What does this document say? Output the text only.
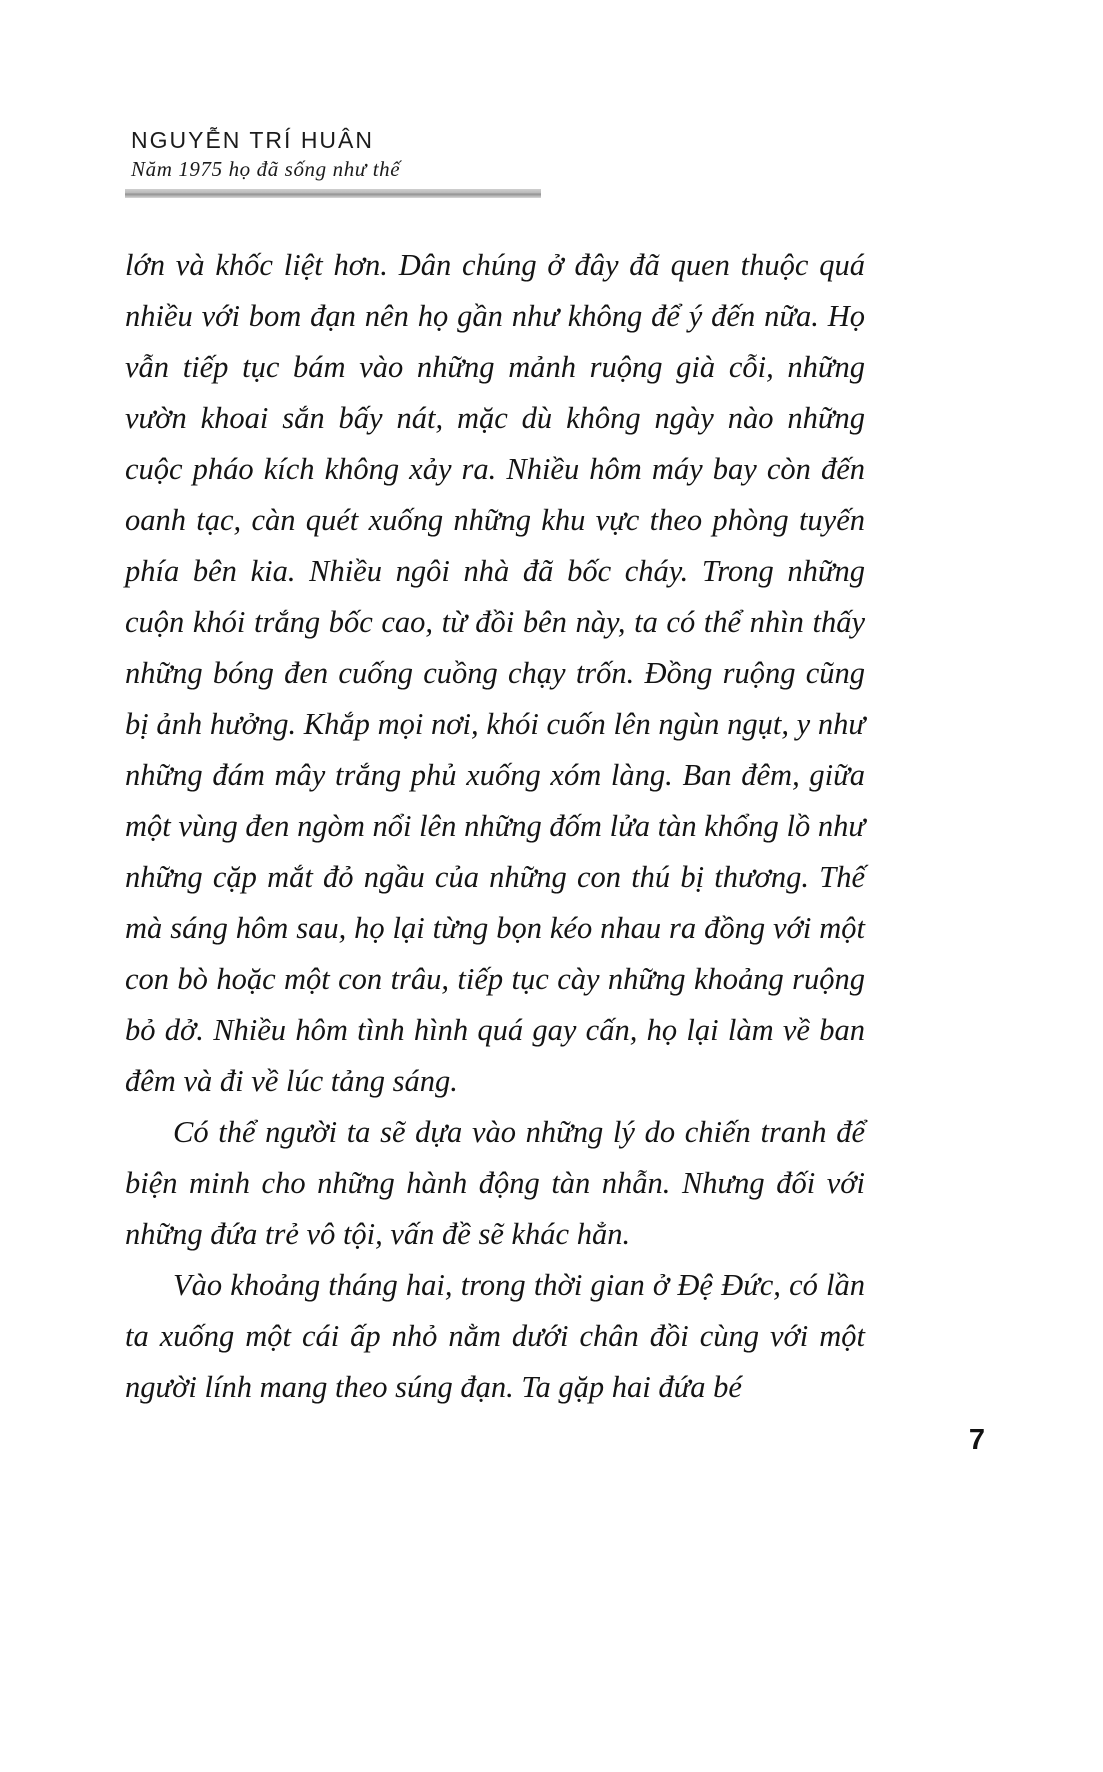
NGUYỄN TRÍ HUÂN
Năm 1975 họ đã sống như thế

lớn và khốc liệt hơn. Dân chúng ở đây đã quen thuộc quá nhiều với bom đạn nên họ gần như không để ý đến nữa. Họ vẫn tiếp tục bám vào những mảnh ruộng già cỗi, những vườn khoai sắn bấy nát, mặc dù không ngày nào những cuộc pháo kích không xảy ra. Nhiều hôm máy bay còn đến oanh tạc, càn quét xuống những khu vực theo phòng tuyến phía bên kia. Nhiều ngôi nhà đã bốc cháy. Trong những cuộn khói trắng bốc cao, từ đồi bên này, ta có thể nhìn thấy những bóng đen cuống cuồng chạy trốn. Đồng ruộng cũng bị ảnh hưởng. Khắp mọi nơi, khói cuốn lên ngùn ngụt, y như những đám mây trắng phủ xuống xóm làng. Ban đêm, giữa một vùng đen ngòm nổi lên những đốm lửa tàn khổng lồ như những cặp mắt đỏ ngầu của những con thú bị thương. Thế mà sáng hôm sau, họ lại từng bọn kéo nhau ra đồng với một con bò hoặc một con trâu, tiếp tục cày những khoảng ruộng bỏ dở. Nhiều hôm tình hình quá gay cấn, họ lại làm về ban đêm và đi về lúc tảng sáng.

Có thể người ta sẽ dựa vào những lý do chiến tranh để biện minh cho những hành động tàn nhẫn. Nhưng đối với những đứa trẻ vô tội, vấn đề sẽ khác hẳn.

Vào khoảng tháng hai, trong thời gian ở Đệ Đức, có lần ta xuống một cái ấp nhỏ nằm dưới chân đồi cùng với một người lính mang theo súng đạn. Ta gặp hai đứa bé

7
